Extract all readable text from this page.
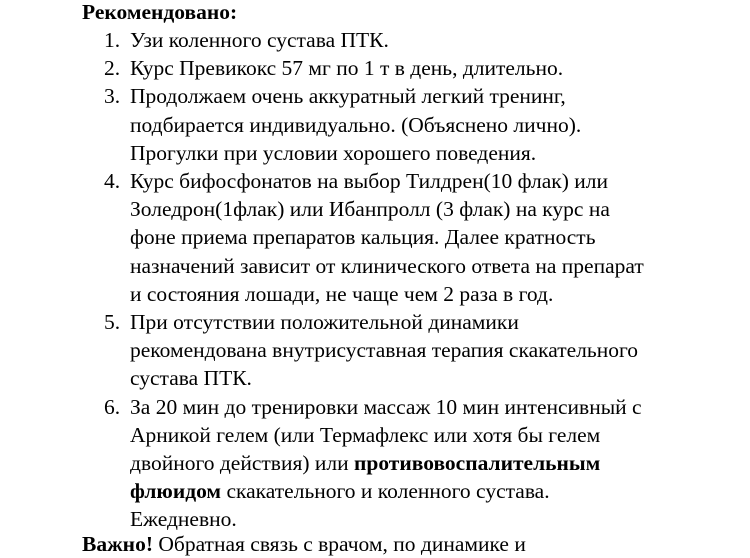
Рекомендовано:
1. Узи коленного сустава ПТК.
2. Курс Превикокс 57 мг по 1 т в день, длительно.
3. Продолжаем очень аккуратный легкий тренинг,
подбирается индивидуально. (Объяснено лично).
Прогулки при условии хорошего поведения.
4. Курс бифосфонатов на выбор Тилдрен(10 флак) или
Золедрон(1флак) или Ибанпролл (3 флак) на курс на
фоне приема препаратов кальция. Далее кратность
назначений зависит от клинического ответа на препарат
и состояния лошади, не чаще чем 2 раза в год.
5. При отсутствии положительной динамики
рекомендована внутрисуставная терапия скакательного
сустава ПТК.
6. За 20 мин до тренировки массаж 10 мин интенсивный с
Арникой гелем (или Термафлекс или хотя бы гелем
двойного действия) или противовоспалительным
флюидом скакательного и коленного сустава.
Ежедневно.
Важно! Обратная связь с врачом, по динамике и
